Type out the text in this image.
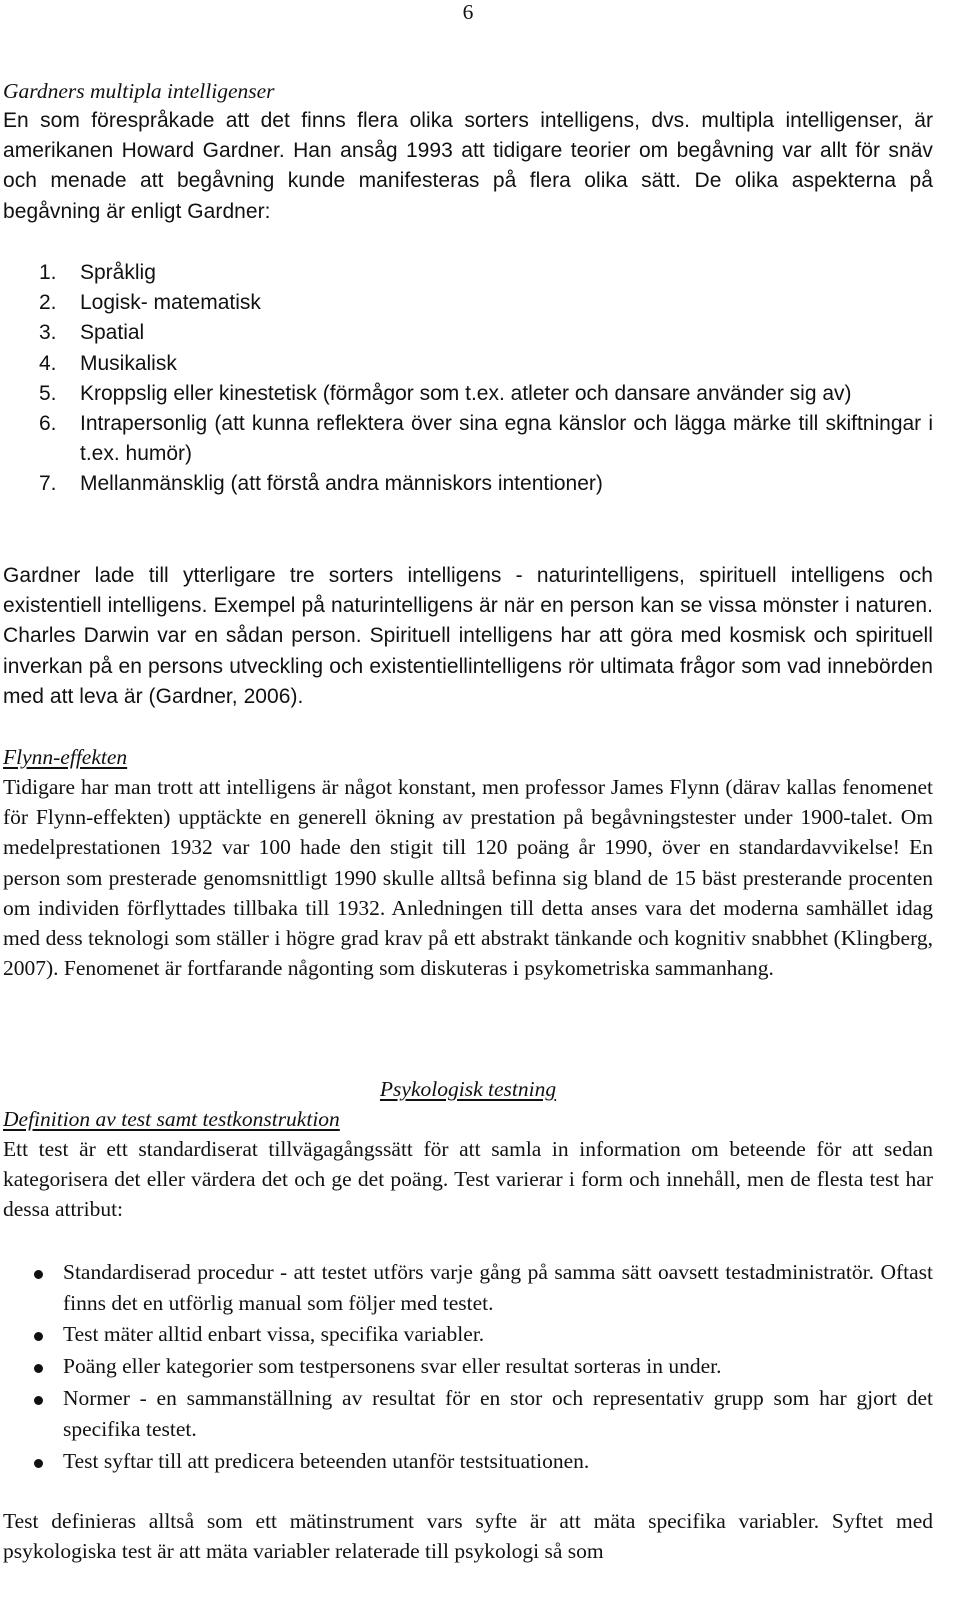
6

Gardners multipla intelligenser

En som förespråkade att det finns flera olika sorters intelligens, dvs. multipla intelligenser, är amerikanen Howard Gardner. Han ansåg 1993 att tidigare teorier om begåvning var allt för snäv och menade att begåvning kunde manifesteras på flera olika sätt. De olika aspekterna på begåvning är enligt Gardner:

1. Språklig
2. Logisk- matematisk
3. Spatial
4. Musikalisk
5. Kroppslig eller kinestetisk (förmågor som t.ex. atleter och dansare använder sig av)
6. Intrapersonlig (att kunna reflektera över sina egna känslor och lägga märke till skiftningar i t.ex. humör)
7. Mellanmänsklig (att förstå andra människors intentioner)

Gardner lade till ytterligare tre sorters intelligens - naturintelligens, spirituell intelligens och existentiell intelligens. Exempel på naturintelligens är när en person kan se vissa mönster i naturen. Charles Darwin var en sådan person. Spirituell intelligens har att göra med kosmisk och spirituell inverkan på en persons utveckling och existentiellintelligens rör ultimata frågor som vad innebörden med att leva är (Gardner, 2006).

Flynn-effekten

Tidigare har man trott att intelligens är något konstant, men professor James Flynn (därav kallas fenomenet för Flynn-effekten) upptäckte en generell ökning av prestation på begåvningstester under 1900-talet. Om medelprestationen 1932 var 100 hade den stigit till 120 poäng år 1990, över en standardavvikelse! En person som presterade genomsnittligt 1990 skulle alltså befinna sig bland de 15 bäst presterande procenten om individen förflyttades tillbaka till 1932. Anledningen till detta anses vara det moderna samhället idag med dess teknologi som ställer i högre grad krav på ett abstrakt tänkande och kognitiv snabbhet (Klingberg, 2007). Fenomenet är fortfarande någonting som diskuteras i psykometriska sammanhang.

Psykologisk testning

Definition av test samt testkonstruktion

Ett test är ett standardiserat tillvägagångssätt för att samla in information om beteende för att sedan kategorisera det eller värdera det och ge det poäng. Test varierar i form och innehåll, men de flesta test har dessa attribut:

Standardiserad procedur - att testet utförs varje gång på samma sätt oavsett testadministratör. Oftast finns det en utförlig manual som följer med testet.
Test mäter alltid enbart vissa, specifika variabler.
Poäng eller kategorier som testpersonens svar eller resultat sorteras in under.
Normer - en sammanställning av resultat för en stor och representativ grupp som har gjort det specifika testet.
Test syftar till att predicera beteenden utanför testsituationen.

Test definieras alltså som ett mätinstrument vars syfte är att mäta specifika variabler. Syftet med psykologiska test är att mäta variabler relaterade till psykologi så som
